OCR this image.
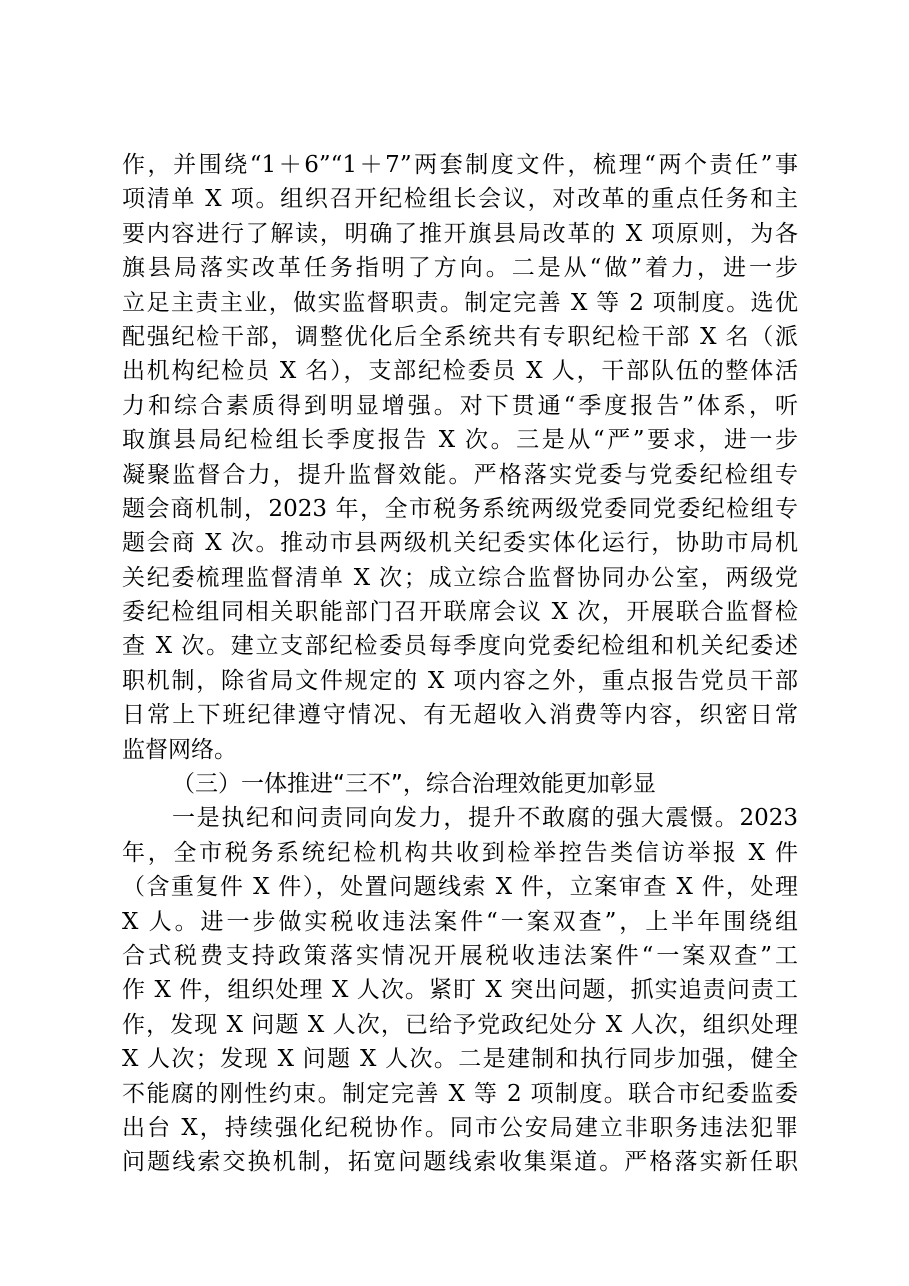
作，并围绕“1＋6”“1＋7”两套制度文件，梳理“两个责任”事
项清单 X 项。组织召开纪检组长会议，对改革的重点任务和主
要内容进行了解读，明确了推开旗县局改革的 X 项原则，为各
旗县局落实改革任务指明了方向。二是从“做”着力，进一步
立足主责主业，做实监督职责。制定完善 X 等 2 项制度。选优
配强纪检干部，调整优化后全系统共有专职纪检干部 X 名（派
出机构纪检员 X 名），支部纪检委员 X 人，干部队伍的整体活
力和综合素质得到明显增强。对下贯通“季度报告”体系，听
取旗县局纪检组长季度报告 X 次。三是从“严”要求，进一步
凝聚监督合力，提升监督效能。严格落实党委与党委纪检组专
题会商机制，2023 年，全市税务系统两级党委同党委纪检组专
题会商 X 次。推动市县两级机关纪委实体化运行，协助市局机
关纪委梳理监督清单 X 次；成立综合监督协同办公室，两级党
委纪检组同相关职能部门召开联席会议 X 次，开展联合监督检
查 X 次。建立支部纪检委员每季度向党委纪检组和机关纪委述
职机制，除省局文件规定的 X 项内容之外，重点报告党员干部
日常上下班纪律遵守情况、有无超收入消费等内容，织密日常
监督网络。
（三）一体推进“三不”，综合治理效能更加彰显
一是执纪和问责同向发力，提升不敢腐的强大震慑。2023
年，全市税务系统纪检机构共收到检举控告类信访举报 X 件
（含重复件 X 件），处置问题线索 X 件，立案审查 X 件，处理
X 人。进一步做实税收违法案件“一案双查”，上半年围绕组
合式税费支持政策落实情况开展税收违法案件“一案双查”工
作 X 件，组织处理 X 人次。紧盯 X 突出问题，抓实追责问责工
作，发现 X 问题 X 人次，已给予党政纪处分 X 人次，组织处理
X 人次；发现 X 问题 X 人次。二是建制和执行同步加强，健全
不能腐的刚性约束。制定完善 X 等 2 项制度。联合市纪委监委
出台 X，持续强化纪税协作。同市公安局建立非职务违法犯罪
问题线索交换机制，拓宽问题线索收集渠道。严格落实新任职
